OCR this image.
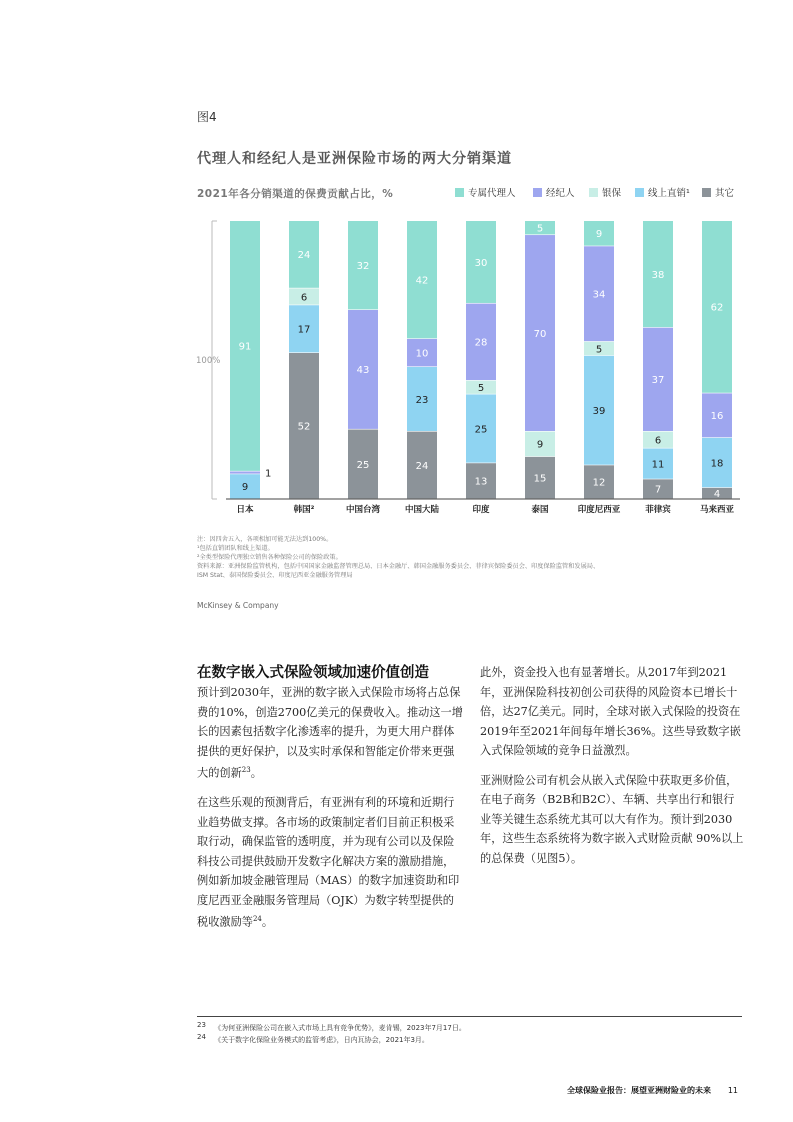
图4
代理人和经纪人是亚洲保险市场的两大分销渠道
2021年各分销渠道的保费贡献占比，%	专属代理人	经纪人	银保	线上直销¹	其它
100%
9
1
91
日本
52
17
6
24
韩国²
25
43
32
中国台湾
24
23
10
42
中国大陆
13
25
5
28
30
印度
15
9
70
5
泰国
12
39
5
34
9
印度尼西亚
7
11
6
37
38
菲律宾
4
18
16
62
马来西亚
注：因四舍五入，各项相加可能无法达到100%。
¹包括直销团队和线上渠道。
²全类型保险代理独立销售各种保险公司的保险政策。
资料来源：亚洲保险监管机构，包括中国国家金融监督管理总局、日本金融厅、韩国金融服务委员会、菲律宾保险委员会、印度保险监管和发展局、
ISM Stat、泰国保险委员会、印度尼西亚金融服务管理局
McKinsey & Company
在数字嵌入式保险领域加速价值创造

预计到2030年，亚洲的数字嵌入式保险市场将占总保费的10%，创造2700亿美元的保费收入。推动这一增长的因素包括数字化渗透率的提升，为更大用户群体提供的更好保护，以及实时承保和智能定价带来更强大的创新$^{23}$。

在这些乐观的预测背后，有亚洲有利的环境和近期行业趋势做支撑。各市场的政策制定者们目前正积极采取行动，确保监管的透明度，并为现有公司以及保险科技公司提供鼓励开发数字化解决方案的激励措施，例如新加坡金融管理局（MAS）的数字加速资助和印度尼西亚金融服务管理局（OJK）为数字转型提供的税收激励等$^{24}$。

此外，资金投入也有显著增长。从2017年到2021年，亚洲保险科技初创公司获得的风险资本已增长十倍，达27亿美元。同时，全球对嵌入式保险的投资在2019年至2021年间每年增长36%。这些导致数字嵌入式保险领域的竞争日益激烈。

亚洲财险公司有机会从嵌入式保险中获取更多价值，在电子商务（B2B和B2C）、车辆、共享出行和银行业等关键生态系统尤其可以大有作为。预计到2030年，这些生态系统将为数字嵌入式财险贡献 90%以上的总保费（见图5）。

$^{23}$ 《为何亚洲保险公司在嵌入式市场上具有竞争优势》，麦肯锡，2023年7月17日。
$^{24}$ 《关于数字化保险业务模式的监管考虑》，日内瓦协会，2021年3月。
全球保险业报告：展望亚洲财险业的未来 11
